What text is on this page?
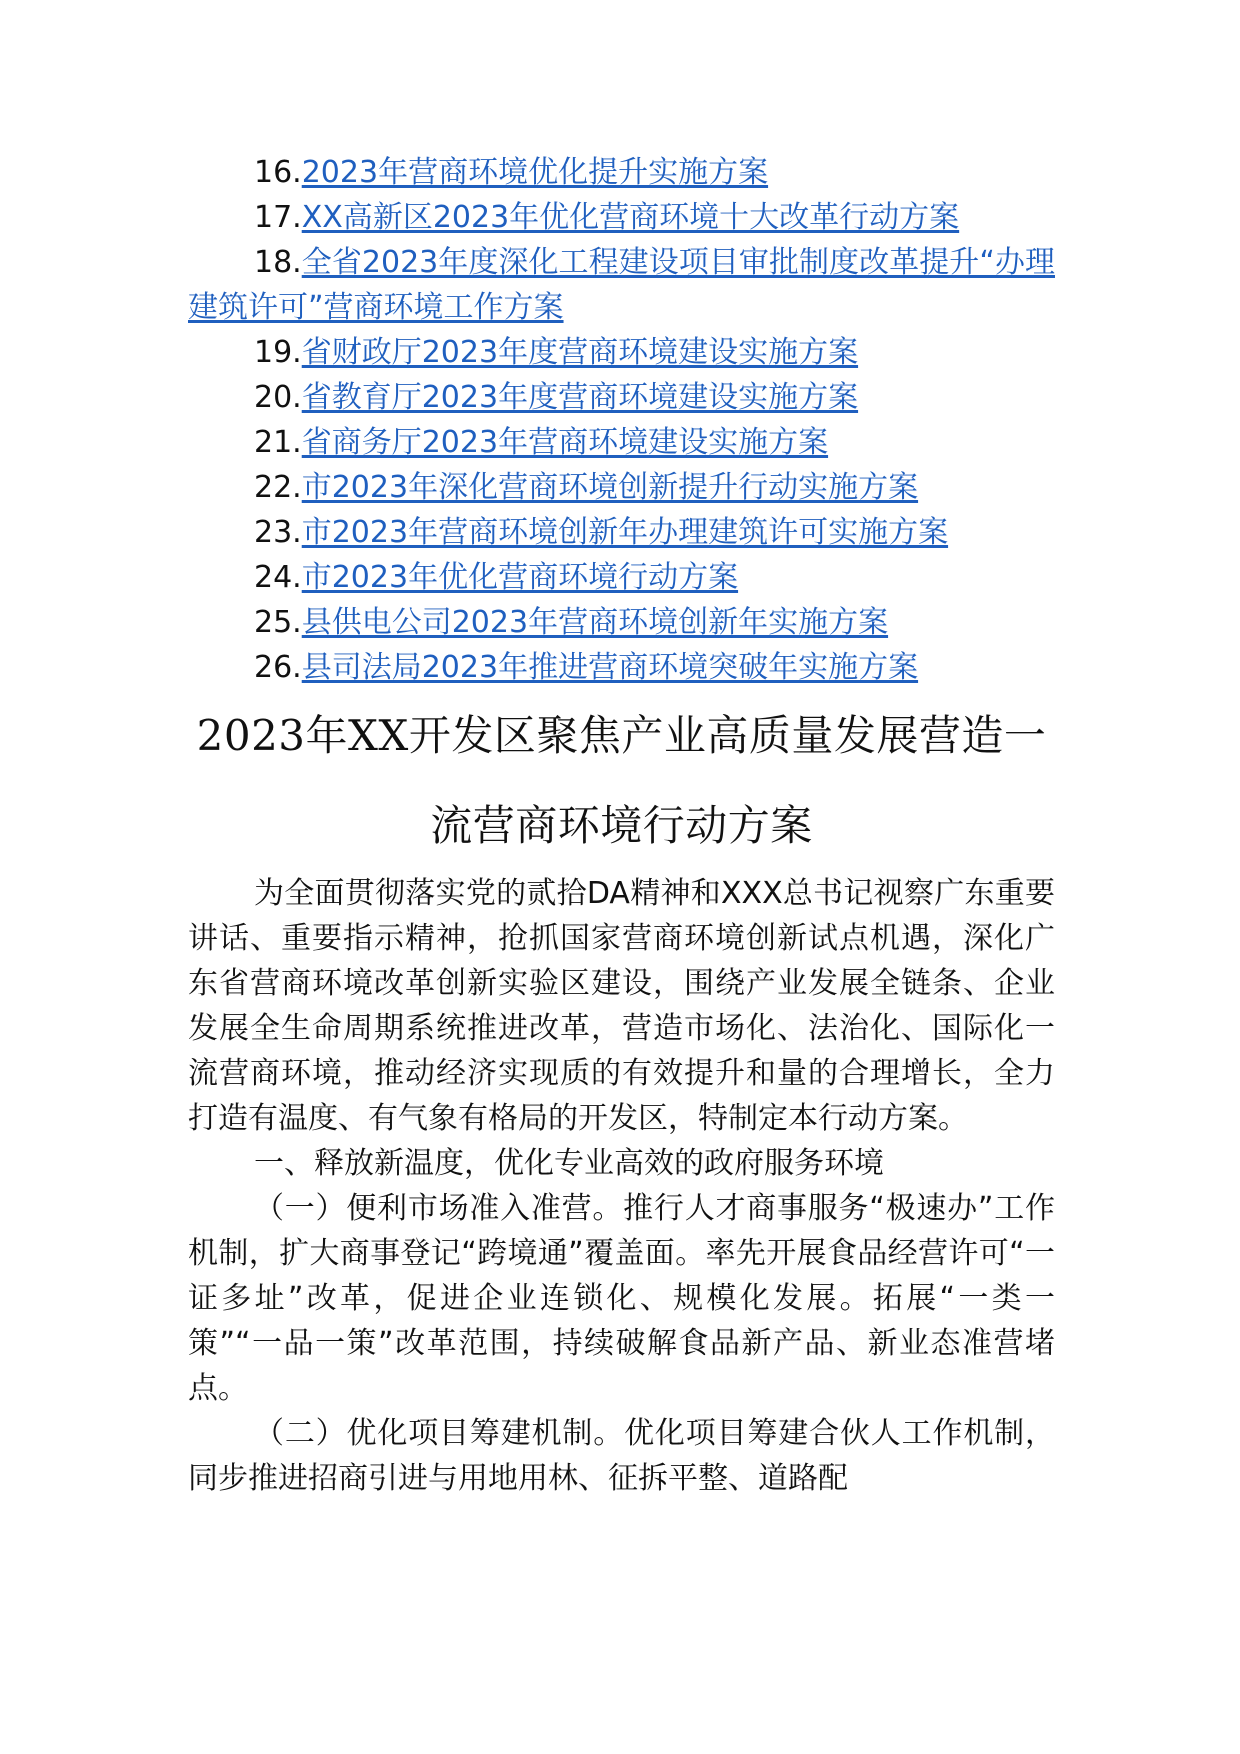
16.2023年营商环境优化提升实施方案
17.XX高新区2023年优化营商环境十大改革行动方案
18.全省2023年度深化工程建设项目审批制度改革提升“办理建筑许可”营商环境工作方案
19.省财政厅2023年度营商环境建设实施方案
20.省教育厅2023年度营商环境建设实施方案
21.省商务厅2023年营商环境建设实施方案
22.市2023年深化营商环境创新提升行动实施方案
23.市2023年营商环境创新年办理建筑许可实施方案
24.市2023年优化营商环境行动方案
25.县供电公司2023年营商环境创新年实施方案
26.县司法局2023年推进营商环境突破年实施方案
2023年XX开发区聚焦产业高质量发展营造一流营商环境行动方案

为全面贯彻落实党的贰拾DA精神和XXX总书记视察广东重要讲话、重要指示精神，抢抓国家营商环境创新试点机遇，深化广东省营商环境改革创新实验区建设，围绕产业发展全链条、企业发展全生命周期系统推进改革，营造市场化、法治化、国际化一流营商环境，推动经济实现质的有效提升和量的合理增长，全力打造有温度、有气象有格局的开发区，特制定本行动方案。

一、释放新温度，优化专业高效的政府服务环境

（一）便利市场准入准营。推行人才商事服务“极速办”工作机制，扩大商事登记“跨境通”覆盖面。率先开展食品经营许可“一证多址”改革，促进企业连锁化、规模化发展。拓展“一类一策”“一品一策”改革范围，持续破解食品新产品、新业态准营堵点。

（二）优化项目筹建机制。优化项目筹建合伙人工作机制，同步推进招商引进与用地用林、征拆平整、道路配
